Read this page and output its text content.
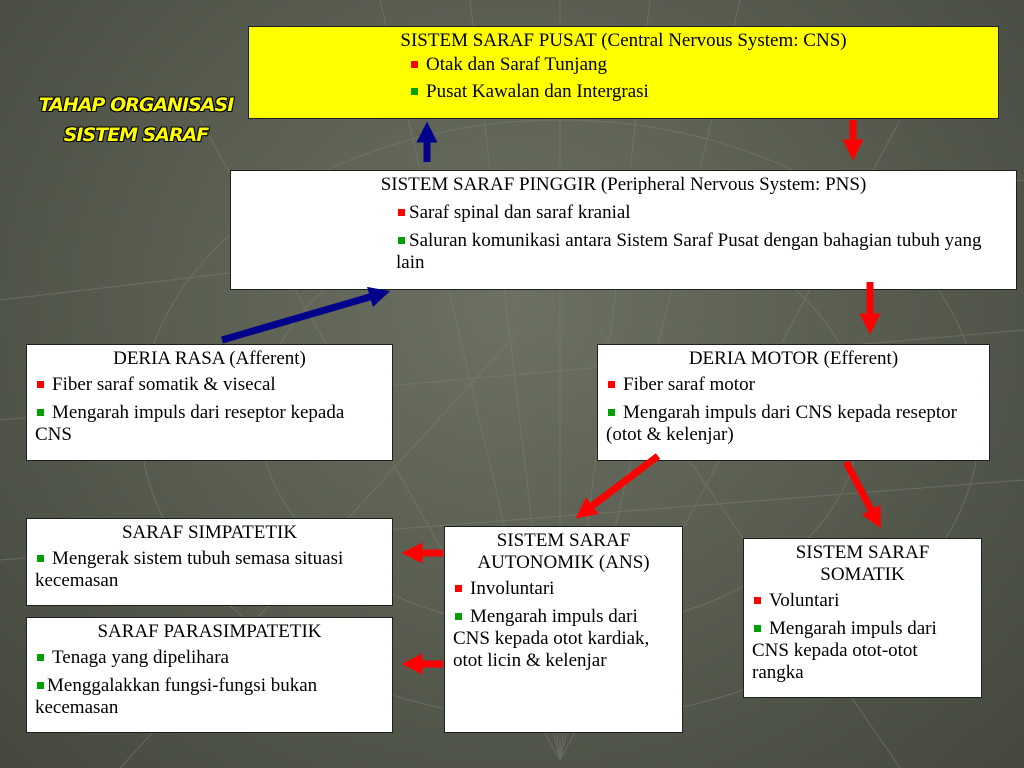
TAHAP ORGANISASI
SISTEM SARAF
SISTEM SARAF PUSAT (Central Nervous System: CNS)
Otak dan Saraf Tunjang
Pusat Kawalan dan Intergrasi
SISTEM SARAF PINGGIR (Peripheral Nervous System: PNS)
Saraf spinal dan saraf kranial
Saluran komunikasi antara Sistem Saraf Pusat dengan bahagian tubuh yang lain
DERIA RASA (Afferent)
Fiber saraf somatik & visecal
Mengarah impuls dari reseptor kepada CNS
DERIA MOTOR (Efferent)
Fiber saraf motor
Mengarah impuls dari CNS kepada reseptor (otot & kelenjar)
SARAF SIMPATETIK
Mengerak sistem tubuh semasa situasi kecemasan
SARAF PARASIMPATETIK
Tenaga yang dipelihara
Menggalakkan fungsi-fungsi bukan kecemasan
SISTEM SARAF AUTONOMIK (ANS)
Involuntari
Mengarah impuls dari CNS kepada otot kardiak, otot licin & kelenjar
SISTEM SARAF SOMATIK
Voluntari
Mengarah impuls dari CNS kepada otot-otot rangka
